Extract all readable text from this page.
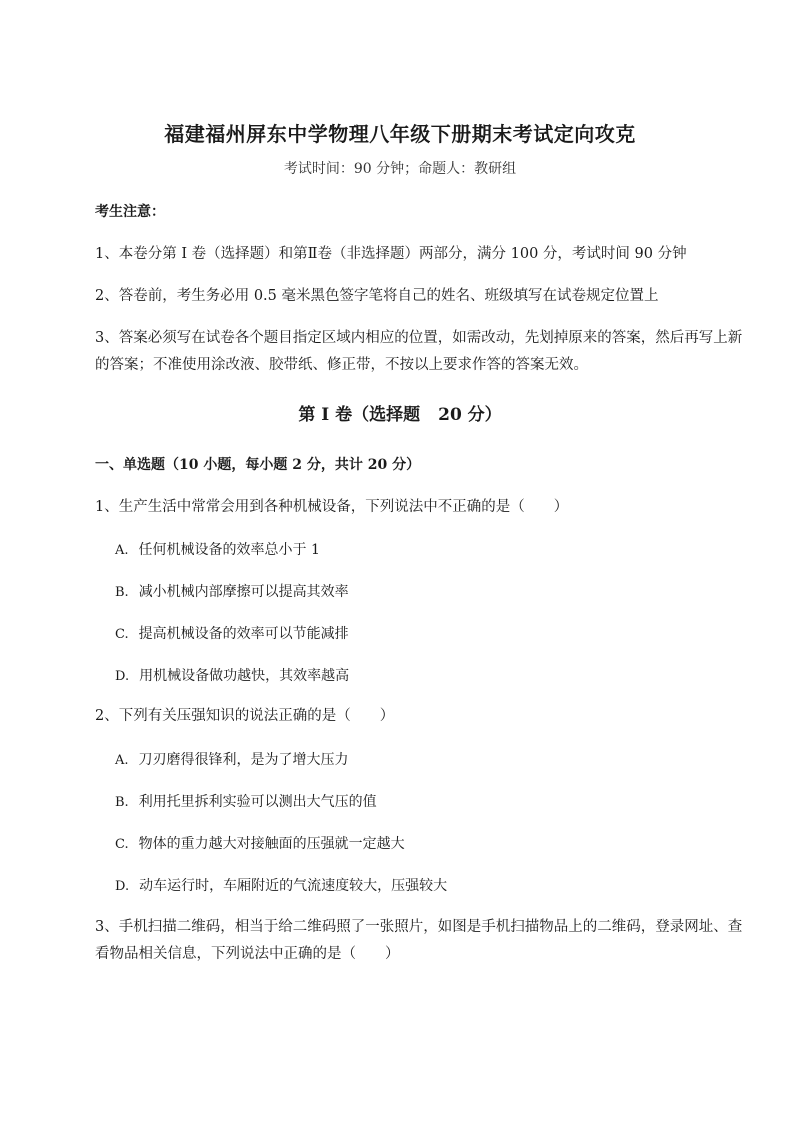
福建福州屏东中学物理八年级下册期末考试定向攻克
考试时间：90 分钟；命题人：教研组
考生注意：
1、本卷分第 I 卷（选择题）和第Ⅱ卷（非选择题）两部分，满分 100 分，考试时间 90 分钟
2、答卷前，考生务必用 0.5 毫米黑色签字笔将自己的姓名、班级填写在试卷规定位置上
3、答案必须写在试卷各个题目指定区域内相应的位置，如需改动，先划掉原来的答案，然后再写上新的答案；不准使用涂改液、胶带纸、修正带，不按以上要求作答的答案无效。
第 I 卷（选择题 20 分）
一、单选题（10 小题，每小题 2 分，共计 20 分）
1、生产生活中常常会用到各种机械设备，下列说法中不正确的是（　　）
A. 任何机械设备的效率总小于 1
B. 减小机械内部摩擦可以提高其效率
C. 提高机械设备的效率可以节能减排
D. 用机械设备做功越快，其效率越高
2、下列有关压强知识的说法正确的是（　　）
A. 刀刃磨得很锋利，是为了增大压力
B. 利用托里拆利实验可以测出大气压的值
C. 物体的重力越大对接触面的压强就一定越大
D. 动车运行时，车厢附近的气流速度较大，压强较大
3、手机扫描二维码，相当于给二维码照了一张照片，如图是手机扫描物品上的二维码，登录网址、查看物品相关信息，下列说法中正确的是（　　）
